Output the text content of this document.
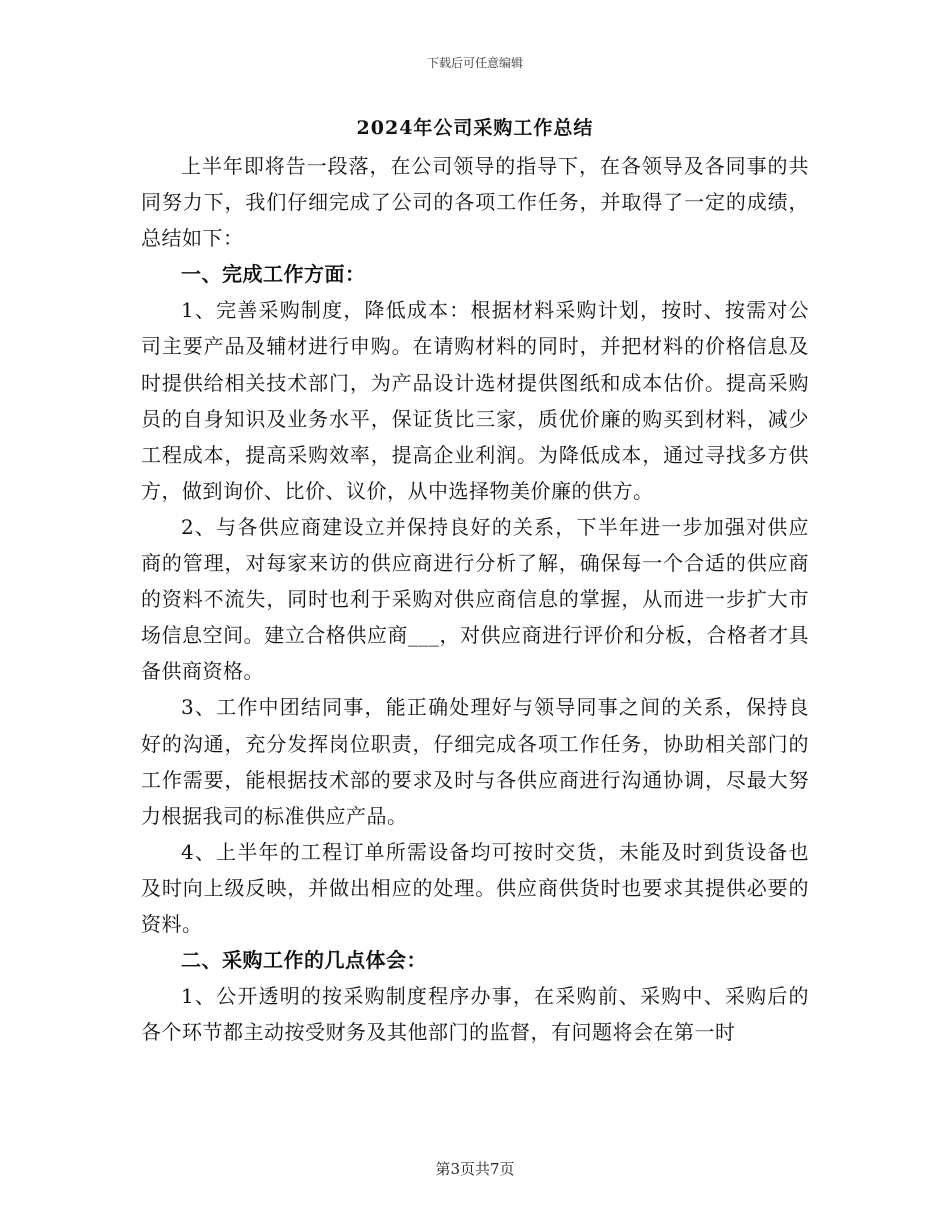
下载后可任意编辑
2024年公司采购工作总结

上半年即将告一段落，在公司领导的指导下，在各领导及各同事的共同努力下，我们仔细完成了公司的各项工作任务，并取得了一定的成绩，总结如下：

一、完成工作方面：

1、完善采购制度，降低成本：根据材料采购计划，按时、按需对公司主要产品及辅材进行申购。在请购材料的同时，并把材料的价格信息及时提供给相关技术部门，为产品设计选材提供图纸和成本估价。提高采购员的自身知识及业务水平，保证货比三家，质优价廉的购买到材料，减少工程成本，提高采购效率，提高企业利润。为降低成本，通过寻找多方供方，做到询价、比价、议价，从中选择物美价廉的供方。

2、与各供应商建设立并保持良好的关系，下半年进一步加强对供应商的管理，对每家来访的供应商进行分析了解，确保每一个合适的供应商的资料不流失，同时也利于采购对供应商信息的掌握，从而进一步扩大市场信息空间。建立合格供应商___，对供应商进行评价和分板，合格者才具备供商资格。

3、工作中团结同事，能正确处理好与领导同事之间的关系，保持良好的沟通，充分发挥岗位职责，仔细完成各项工作任务，协助相关部门的工作需要，能根据技术部的要求及时与各供应商进行沟通协调，尽最大努力根据我司的标准供应产品。

4、上半年的工程订单所需设备均可按时交货，未能及时到货设备也及时向上级反映，并做出相应的处理。供应商供货时也要求其提供必要的资料。

二、采购工作的几点体会：

1、公开透明的按采购制度程序办事，在采购前、采购中、采购后的各个环节都主动按受财务及其他部门的监督，有问题将会在第一时

第3页共7页
